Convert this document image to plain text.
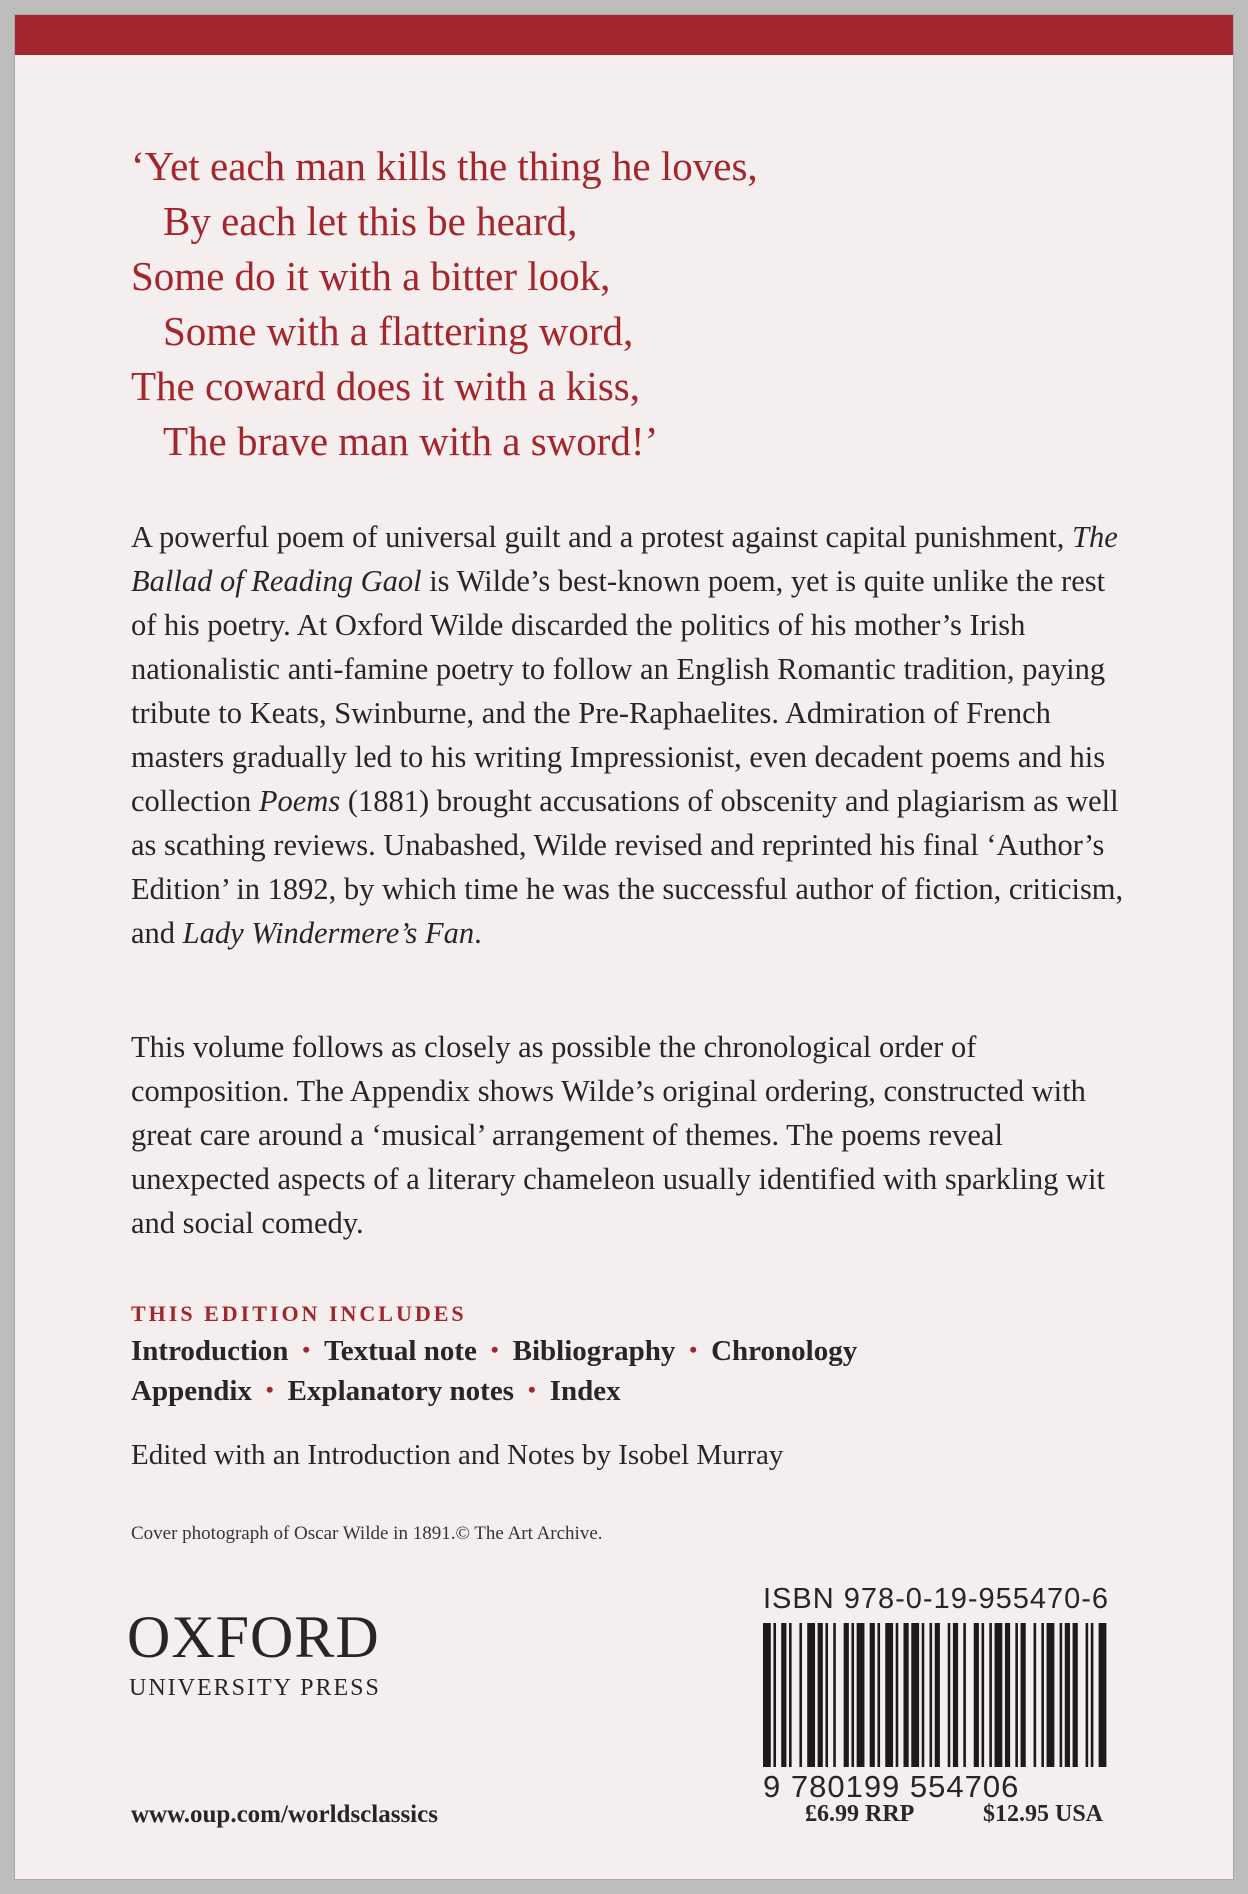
‘Yet each man kills the thing he loves,
By each let this be heard,
Some do it with a bitter look,
Some with a flattering word,
The coward does it with a kiss,
The brave man with a sword!’
A powerful poem of universal guilt and a protest against capital punishment, The Ballad of Reading Gaol is Wilde’s best-known poem, yet is quite unlike the rest of his poetry. At Oxford Wilde discarded the politics of his mother’s Irish nationalistic anti-famine poetry to follow an English Romantic tradition, paying tribute to Keats, Swinburne, and the Pre-Raphaelites. Admiration of French masters gradually led to his writing Impressionist, even decadent poems and his collection Poems (1881) brought accusations of obscenity and plagiarism as well as scathing reviews. Unabashed, Wilde revised and reprinted his final ‘Author’s Edition’ in 1892, by which time he was the successful author of fiction, criticism, and Lady Windermere’s Fan.
This volume follows as closely as possible the chronological order of composition. The Appendix shows Wilde’s original ordering, constructed with great care around a ‘musical’ arrangement of themes. The poems reveal unexpected aspects of a literary chameleon usually identified with sparkling wit and social comedy.
THIS EDITION INCLUDES
Introduction • Textual note • Bibliography • Chronology
Appendix • Explanatory notes • Index
Edited with an Introduction and Notes by Isobel Murray
Cover photograph of Oscar Wilde in 1891.© The Art Archive.
OXFORD
UNIVERSITY PRESS
ISBN 978-0-19-955470-6
9 780199 554706
www.oup.com/worldsclassics	£6.99 RRP	$12.95 USA
